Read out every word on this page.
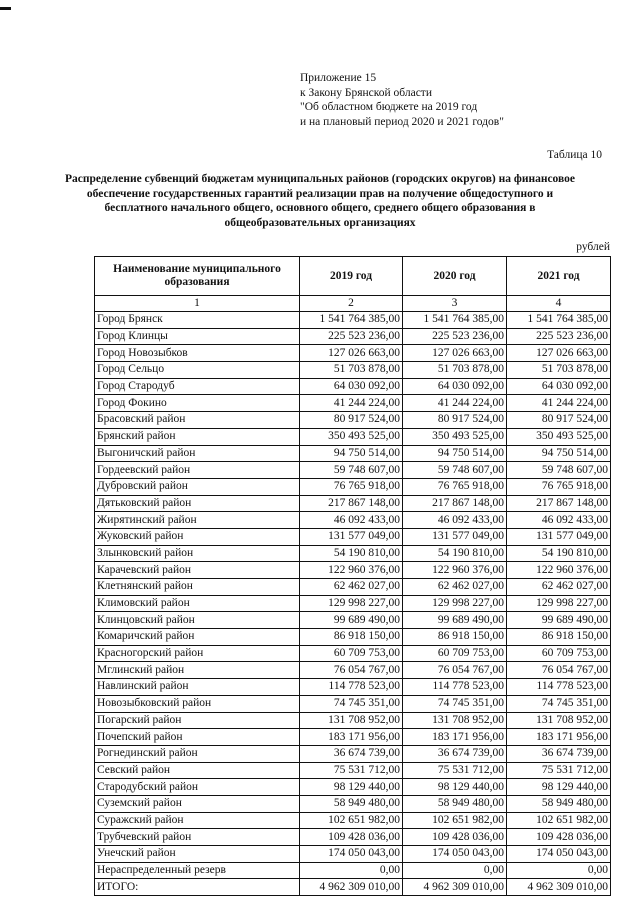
Приложение 15
к Закону Брянской области
"Об областном бюджете на 2019 год
и на плановый период 2020 и 2021 годов"
Таблица 10
Распределение субвенций бюджетам муниципальных районов (городских округов) на финансовое обеспечение государственных гарантий реализации прав на получение общедоступного и бесплатного начального общего, основного общего, среднего общего образования в общеобразовательных организациях
рублей
Наименование муниципального образования	2019 год	2020 год	2021 год
1	2	3	4
Город Брянск	1 541 764 385,00	1 541 764 385,00	1 541 764 385,00
Город Клинцы	225 523 236,00	225 523 236,00	225 523 236,00
Город Новозыбков	127 026 663,00	127 026 663,00	127 026 663,00
Город Сельцо	51 703 878,00	51 703 878,00	51 703 878,00
Город Стародуб	64 030 092,00	64 030 092,00	64 030 092,00
Город Фокино	41 244 224,00	41 244 224,00	41 244 224,00
Брасовский район	80 917 524,00	80 917 524,00	80 917 524,00
Брянский район	350 493 525,00	350 493 525,00	350 493 525,00
Выгоничский район	94 750 514,00	94 750 514,00	94 750 514,00
Гордеевский район	59 748 607,00	59 748 607,00	59 748 607,00
Дубровский район	76 765 918,00	76 765 918,00	76 765 918,00
Дятьковский район	217 867 148,00	217 867 148,00	217 867 148,00
Жирятинский район	46 092 433,00	46 092 433,00	46 092 433,00
Жуковский район	131 577 049,00	131 577 049,00	131 577 049,00
Злынковский район	54 190 810,00	54 190 810,00	54 190 810,00
Карачевский район	122 960 376,00	122 960 376,00	122 960 376,00
Клетнянский район	62 462 027,00	62 462 027,00	62 462 027,00
Климовский район	129 998 227,00	129 998 227,00	129 998 227,00
Клинцовский район	99 689 490,00	99 689 490,00	99 689 490,00
Комаричский район	86 918 150,00	86 918 150,00	86 918 150,00
Красногорский район	60 709 753,00	60 709 753,00	60 709 753,00
Мглинский район	76 054 767,00	76 054 767,00	76 054 767,00
Навлинский район	114 778 523,00	114 778 523,00	114 778 523,00
Новозыбковский район	74 745 351,00	74 745 351,00	74 745 351,00
Погарский район	131 708 952,00	131 708 952,00	131 708 952,00
Почепский район	183 171 956,00	183 171 956,00	183 171 956,00
Рогнединский район	36 674 739,00	36 674 739,00	36 674 739,00
Севский район	75 531 712,00	75 531 712,00	75 531 712,00
Стародубский район	98 129 440,00	98 129 440,00	98 129 440,00
Суземский район	58 949 480,00	58 949 480,00	58 949 480,00
Суражский район	102 651 982,00	102 651 982,00	102 651 982,00
Трубчевский район	109 428 036,00	109 428 036,00	109 428 036,00
Унечский район	174 050 043,00	174 050 043,00	174 050 043,00
Нераспределенный резерв	0,00	0,00	0,00
ИТОГО:	4 962 309 010,00	4 962 309 010,00	4 962 309 010,00
